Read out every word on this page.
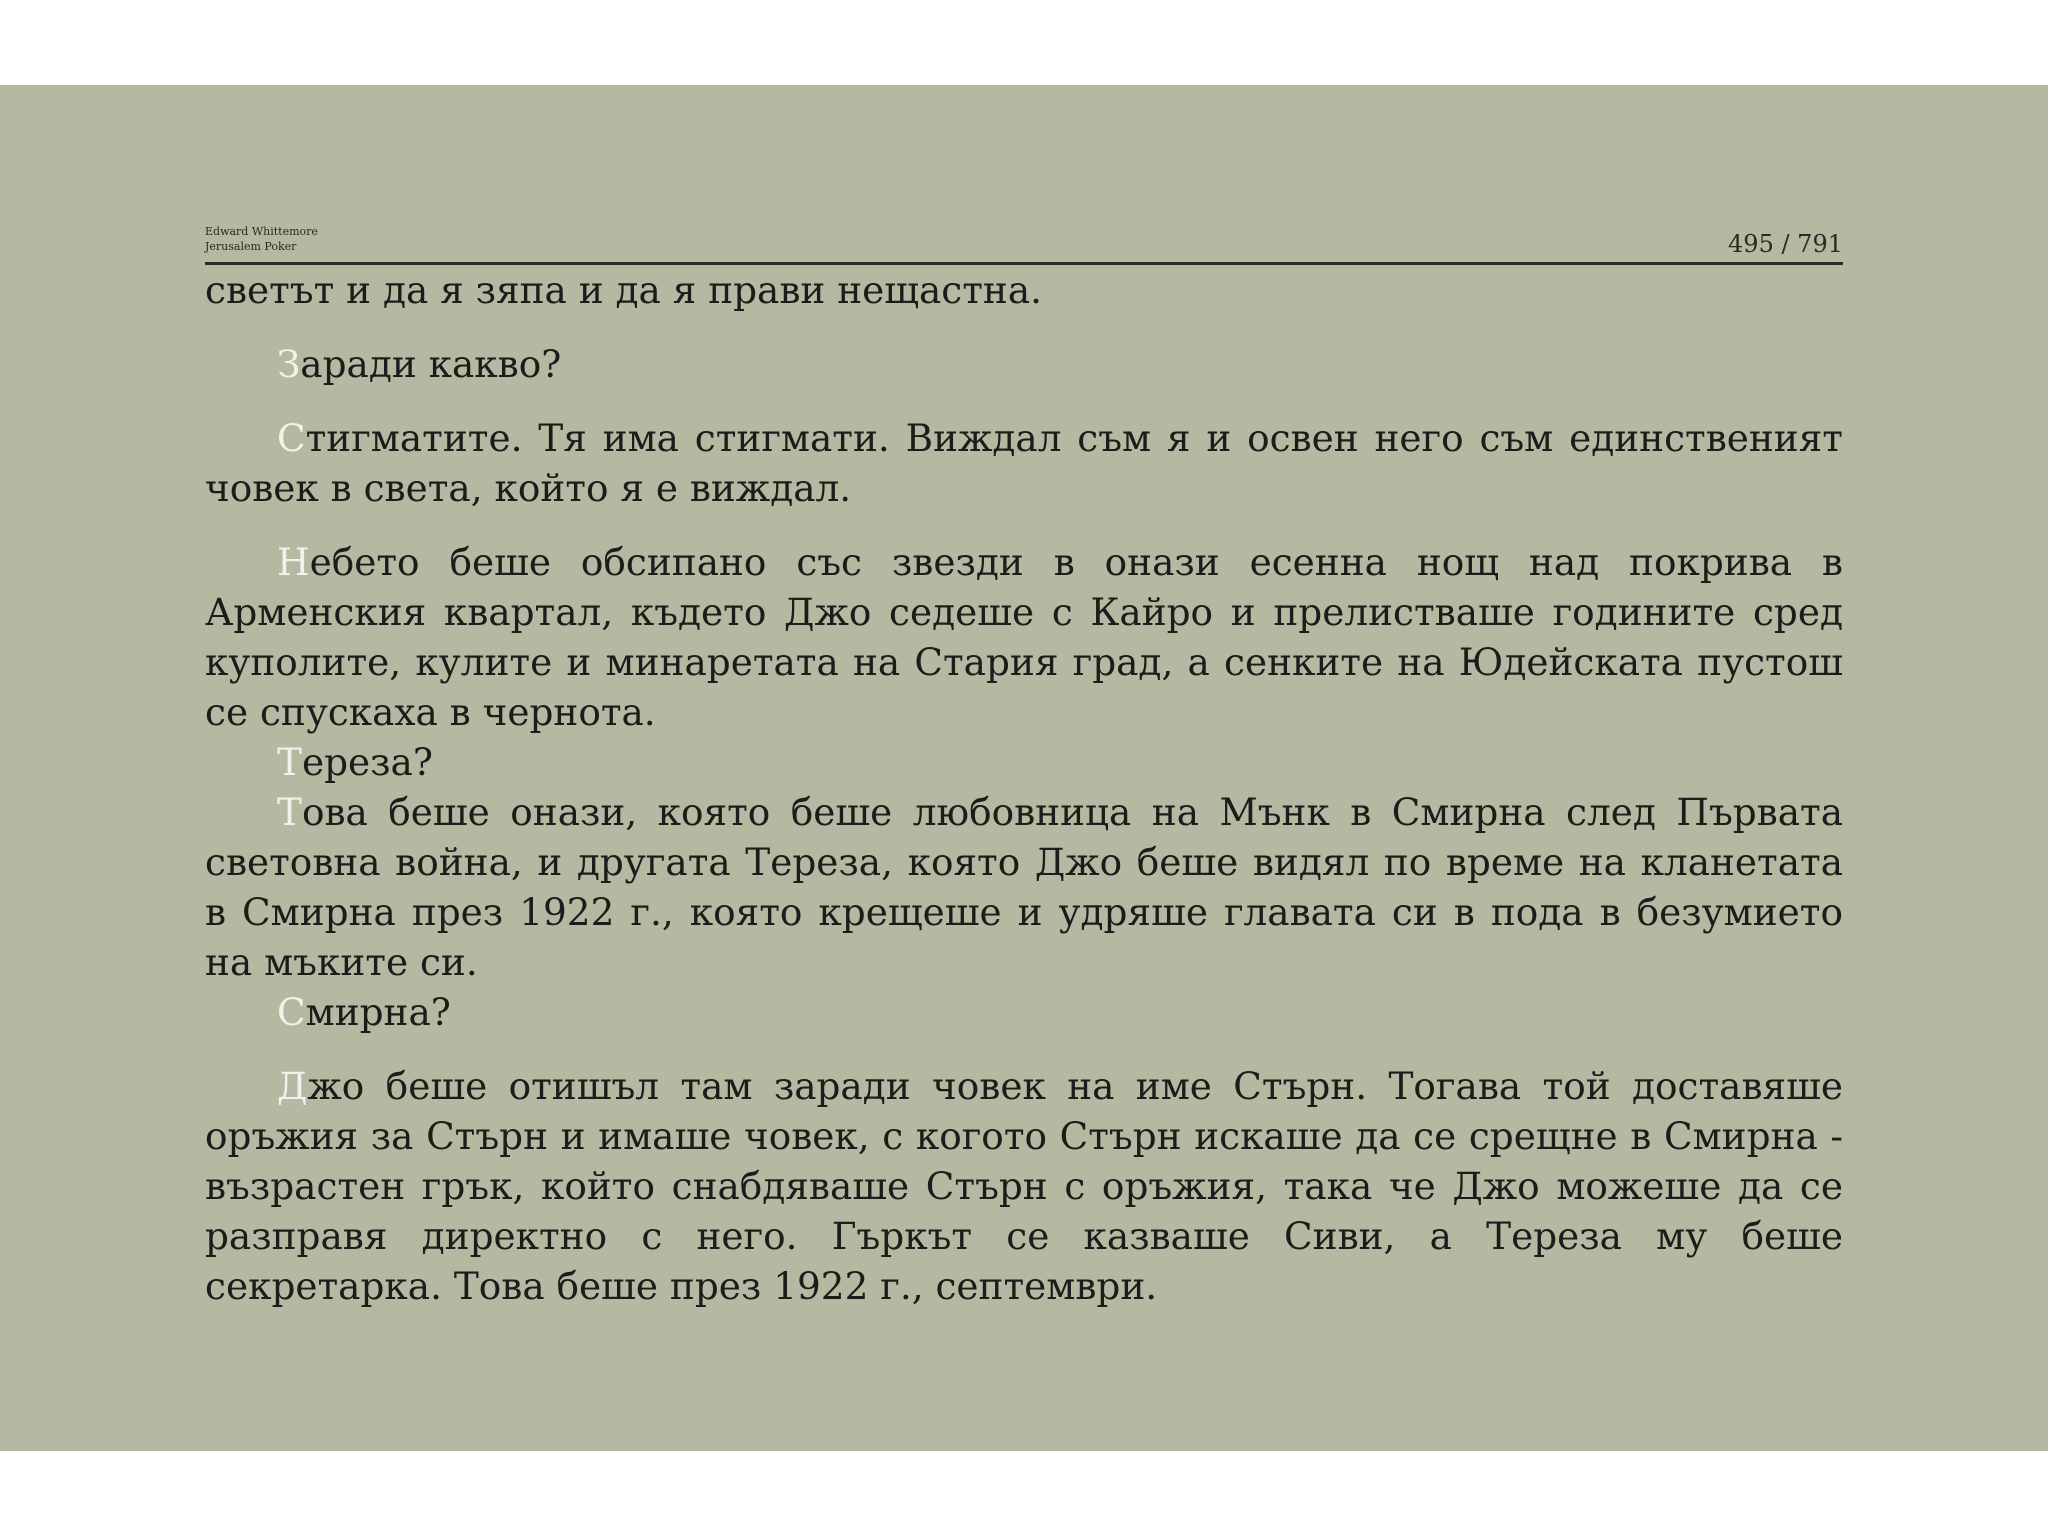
Edward Whittemore
Jerusalem Poker	495 / 791

светът и да я зяпа и да я прави нещастна.

Заради какво?

Стигматите. Тя има стигмати. Виждал съм я и освен него съм единственият човек в света, който я е виждал.

Небето беше обсипано със звезди в онази есенна нощ над покрива в Арменския квартал, където Джо седеше с Кайро и прелистваше годините сред куполите, кулите и минаретата на Стария град, а сенките на Юдейската пустош се спускаха в чернота.

Тереза?

Това беше онази, която беше любовница на Мънк в Смирна след Първата световна война, и другата Тереза, която Джо беше видял по време на кланетата в Смирна през 1922 г., която крещеше и удряше главата си в пода в безумието на мъките си.

Смирна?

Джо беше отишъл там заради човек на име Стърн. Тогава той доставяше оръжия за Стърн и имаше човек, с когото Стърн искаше да се срещне в Смирна - възрастен грък, който снабдяваше Стърн с оръжия, така че Джо можеше да се разправя директно с него. Гъркът се казваше Сиви, а Тереза му беше секретарка. Това беше през 1922 г., септември.
